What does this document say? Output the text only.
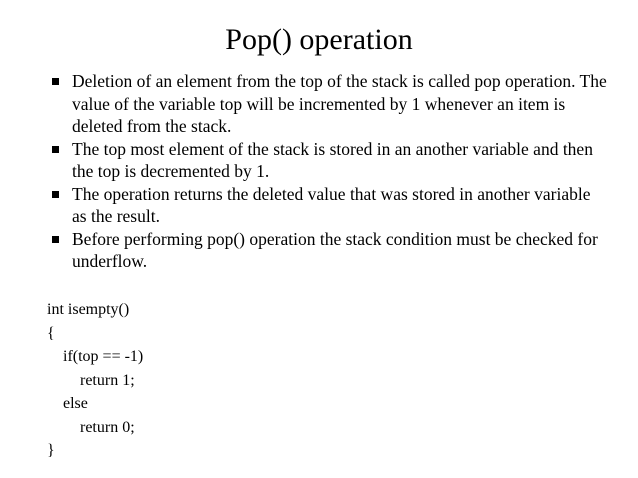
Pop() operation
Deletion of an element from the top of the stack is called pop operation. The value of the variable top will be incremented by 1 whenever an item is deleted from the stack.
The top most element of the stack is stored in an another variable and then the top is decremented by 1.
The operation returns the deleted value that was stored in another variable as the result.
Before performing pop() operation the stack condition must be checked for underflow.
int isempty()
{
if(top == -1)
return 1;
else
return 0;
}
